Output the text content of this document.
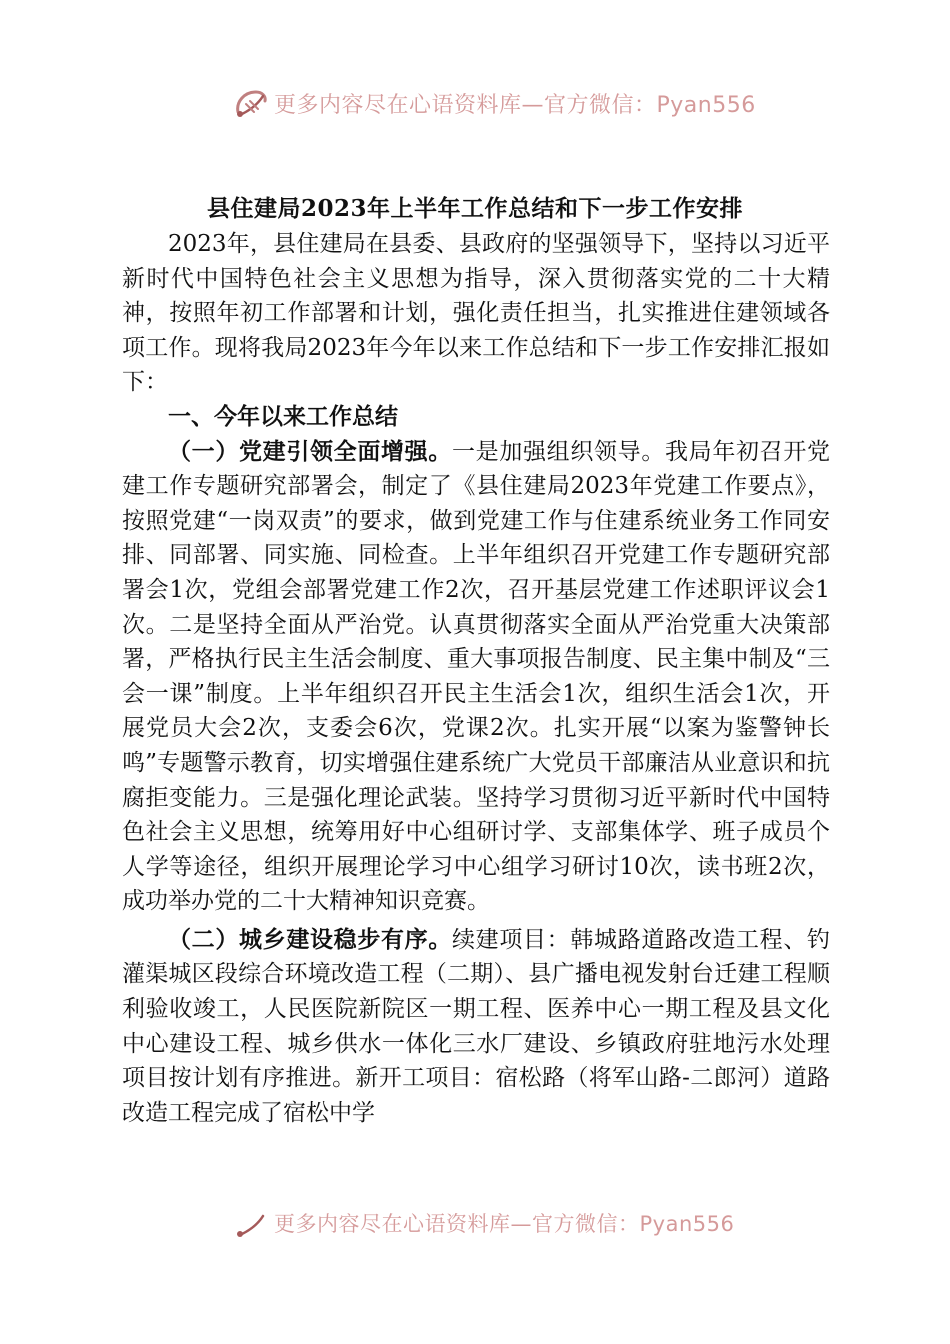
更多内容尽在心语资料库—官方微信：Pyan556
县住建局2023年上半年工作总结和下一步工作安排

2023年，县住建局在县委、县政府的坚强领导下，坚持以习近平新时代中国特色社会主义思想为指导，深入贯彻落实党的二十大精神，按照年初工作部署和计划，强化责任担当，扎实推进住建领域各项工作。现将我局2023年今年以来工作总结和下一步工作安排汇报如下：

一、今年以来工作总结

（一）党建引领全面增强。一是加强组织领导。我局年初召开党建工作专题研究部署会，制定了《县住建局2023年党建工作要点》，按照党建“一岗双责”的要求，做到党建工作与住建系统业务工作同安排、同部署、同实施、同检查。上半年组织召开党建工作专题研究部署会1次，党组会部署党建工作2次，召开基层党建工作述职评议会1次。二是坚持全面从严治党。认真贯彻落实全面从严治党重大决策部署，严格执行民主生活会制度、重大事项报告制度、民主集中制及“三会一课”制度。上半年组织召开民主生活会1次，组织生活会1次，开展党员大会2次，支委会6次，党课2次。扎实开展“以案为鉴警钟长鸣”专题警示教育，切实增强住建系统广大党员干部廉洁从业意识和抗腐拒变能力。三是强化理论武装。坚持学习贯彻习近平新时代中国特色社会主义思想，统筹用好中心组研讨学、支部集体学、班子成员个人学等途径，组织开展理论学习中心组学习研讨10次，读书班2次，成功举办党的二十大精神知识竞赛。

（二）城乡建设稳步有序。续建项目：韩城路道路改造工程、钓灌渠城区段综合环境改造工程（二期）、县广播电视发射台迁建工程顺利验收竣工，人民医院新院区一期工程、医养中心一期工程及县文化中心建设工程、城乡供水一体化三水厂建设、乡镇政府驻地污水处理项目按计划有序推进。新开工项目：宿松路（将军山路-二郎河）道路改造工程完成了宿松中学

更多内容尽在心语资料库—官方微信：Pyan556
